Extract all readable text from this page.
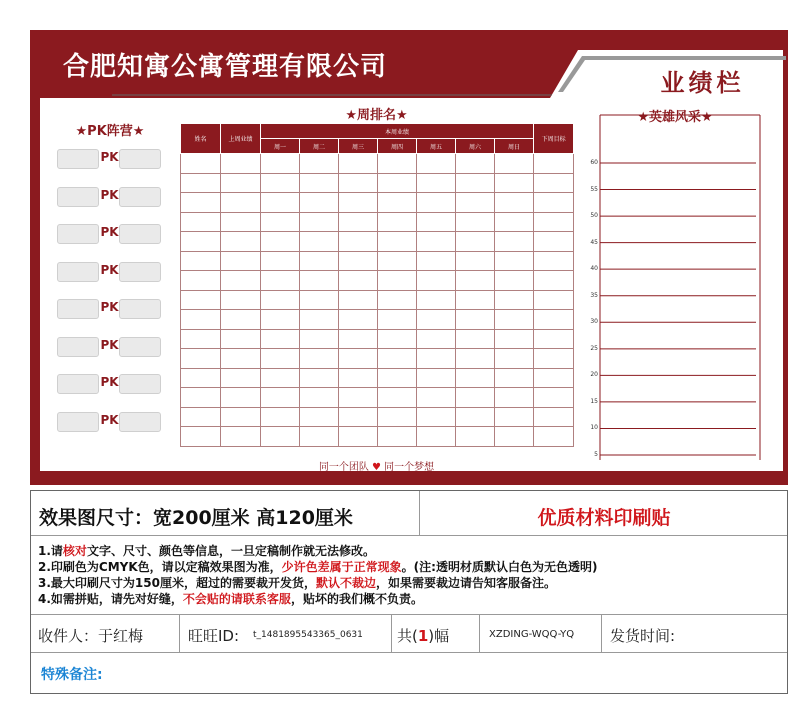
合肥知寓公寓管理有限公司
业绩栏
★PK阵营★
PK
PK
PK
PK
PK
PK
PK
PK
★周排名★
姓名	上周业绩	本周业绩							下周目标
		周一	周二	周三	周四	周五	周六	周日	

同一个团队 ♥ 同一个梦想
★英雄风采★
60
55
50
45
40
35
30
25
20
15
10
5
效果图尺寸：宽200厘米 高120厘米	优质材料印刷贴
1.请核对文字、尺寸、颜色等信息，一旦定稿制作就无法修改。
2.印刷色为CMYK色，请以定稿效果图为准，少许色差属于正常现象。(注:透明材质默认白色为无色透明)
3.最大印刷尺寸为150厘米，超过的需要裁开发货，默认不裁边，如果需要裁边请告知客服备注。
4.如需拼贴，请先对好缝，不会贴的请联系客服，贴坏的我们概不负责。
收件人：于红梅	旺旺ID: t_1481895543365_0631 共(1)幅	XZDING-WQQ-YQ 发货时间:
特殊备注:
